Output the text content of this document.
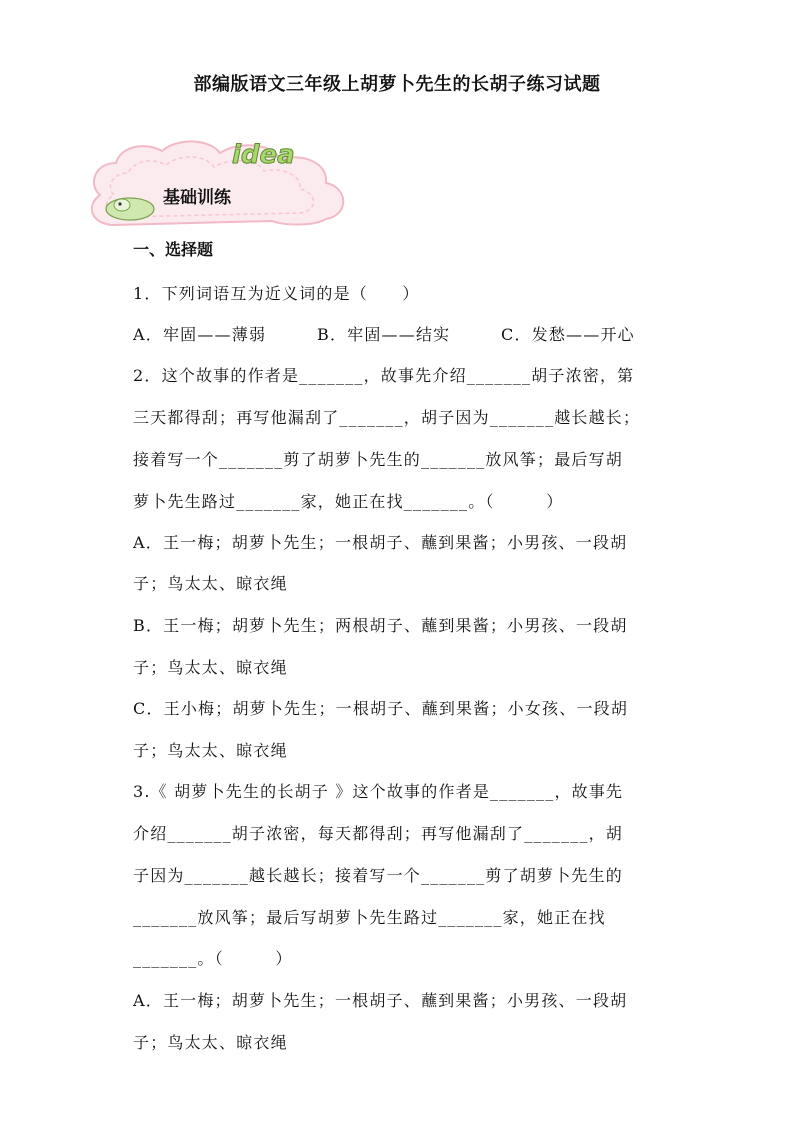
部编版语文三年级上胡萝卜先生的长胡子练习试题
idea
基础训练
一、选择题
1．下列词语互为近义词的是（　　）
A．牢固——薄弱	B．牢固——结实	C．发愁——开心
2．这个故事的作者是_______，故事先介绍_______胡子浓密，第
三天都得刮；再写他漏刮了_______，胡子因为_______越长越长；
接着写一个_______剪了胡萝卜先生的_______放风筝；最后写胡
萝卜先生路过_______家，她正在找_______。（　　　）
A．王一梅；胡萝卜先生；一根胡子、蘸到果酱；小男孩、一段胡
子；鸟太太、晾衣绳
B．王一梅；胡萝卜先生；两根胡子、蘸到果酱；小男孩、一段胡
子；鸟太太、晾衣绳
C．王小梅；胡萝卜先生；一根胡子、蘸到果酱；小女孩、一段胡
子；鸟太太、晾衣绳
3.《 胡萝卜先生的长胡子 》这个故事的作者是_______，故事先
介绍_______胡子浓密，每天都得刮；再写他漏刮了_______，胡
子因为_______越长越长；接着写一个_______剪了胡萝卜先生的
_______放风筝；最后写胡萝卜先生路过_______家，她正在找
_______。（　　　）
A．王一梅；胡萝卜先生；一根胡子、蘸到果酱；小男孩、一段胡
子；鸟太太、晾衣绳
